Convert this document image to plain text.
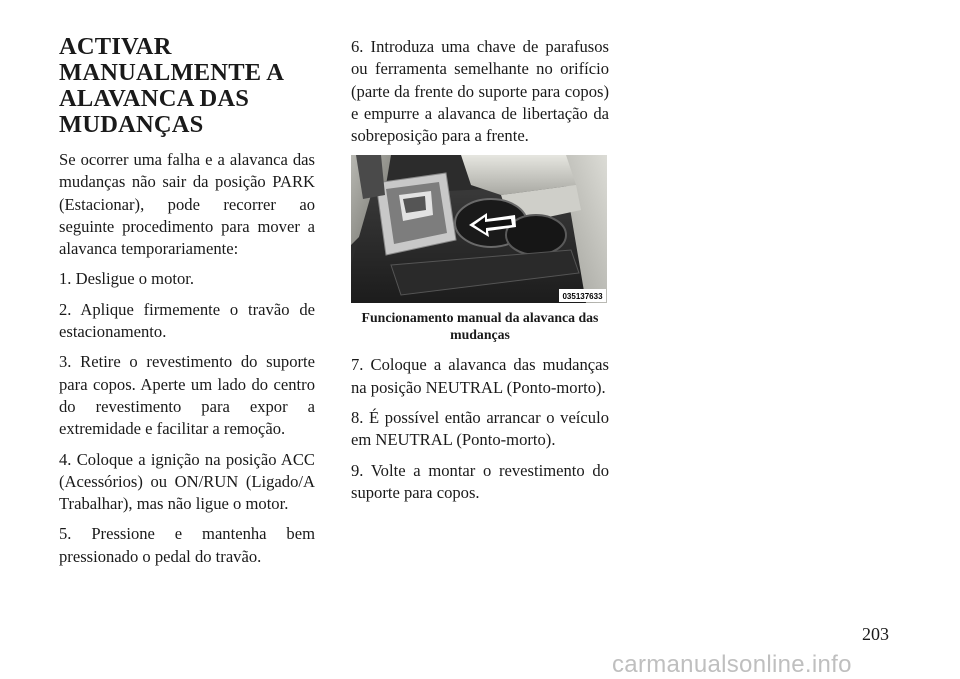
ACTIVAR MANUALMENTE A ALAVANCA DAS MUDANÇAS

Se ocorrer uma falha e a alavanca das mudanças não sair da posição PARK (Estacionar), pode recorrer ao seguinte procedimento para mover a alavanca temporariamente:

1. Desligue o motor.

2. Aplique firmemente o travão de estacionamento.

3. Retire o revestimento do suporte para copos. Aperte um lado do centro do revestimento para expor a extremidade e facilitar a remoção.

4. Coloque a ignição na posição ACC (Acessórios) ou ON/RUN (Ligado/A Trabalhar), mas não ligue o motor.

5. Pressione e mantenha bem pressionado o pedal do travão.

6. Introduza uma chave de parafusos ou ferramenta semelhante no orifício (parte da frente do suporte para copos) e empurre a alavanca de libertação da sobreposição para a frente.

035137633

Funcionamento manual da alavanca das mudanças

7. Coloque a alavanca das mudanças na posição NEUTRAL (Ponto-morto).

8. É possível então arrancar o veículo em NEUTRAL (Ponto-morto).

9. Volte a montar o revestimento do suporte para copos.

203
carmanualsonline.info
